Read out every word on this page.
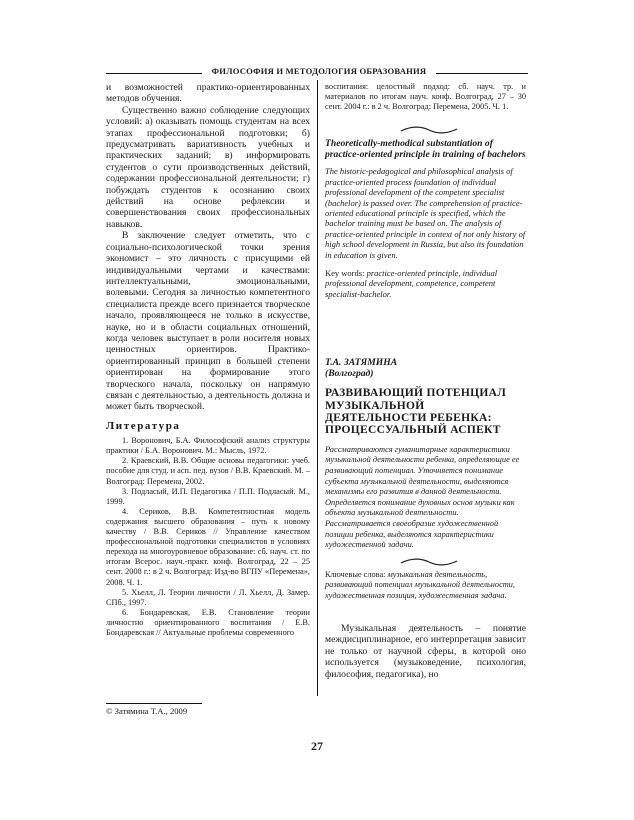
ФИЛОСОФИЯ И МЕТОДОЛОГИЯ ОБРАЗОВАНИЯ

и возможностей практико-ориентированных методов обучения.

Существенно важно соблюдение следующих условий: а) оказывать помощь студентам на всех этапах профессиональной подготовки; б) предусматривать вариативность учебных и практических заданий; в) информировать студентов о сути производственных действий, содержании профессиональной деятельности; г) побуждать студентов к осознанию своих действий на основе рефлексии и совершенствования своих профессиональных навыков.

В заключение следует отметить, что с социально-психологической точки зрения экономист – это личность с присущими ей индивидуальными чертами и качествами: интеллектуальными, эмоциональными, волевыми. Сегодня за личностью компетентного специалиста прежде всего признается творческое начало, проявляющееся не только в искусстве, науке, но и в области социальных отношений, когда человек выступает в роли носителя новых ценностных ориентиров. Практико-ориентированный принцип в большей степени ориентирован на формирование этого творческого начала, поскольку он напрямую связан с деятельностью, а деятельность должна и может быть творческой.

Литература

1. Воронович, Б.А. Философский анализ структуры практики / Б.А. Воронович. М.: Мысль, 1972.

2. Краевский, В.В. Общие основы педагогики: учеб. пособие для студ. и асп. пед. вузов / В.В. Краевский. М. – Волгоград: Перемена, 2002.

3. Подласый, И.П. Педагогика / П.П. Подласый. М., 1999.

4. Сериков, В.В. Компетентностная модель содержания высшего образования – путь к новому качеству / В.В. Сериков // Управление качеством профессиональной подготовки специалистов в условиях перехода на многоуровневое образование: сб. науч. ст. по итогам Всерос. науч.-практ. конф. Волгоград, 22 – 25 сент. 2008 г.: в 2 ч. Волгоград: Изд-во ВГПУ «Перемена», 2008. Ч. 1.

5. Хьелл, Л. Теории личности / Л. Хьелл, Д. Замер. СПб., 1997.

6. Бондаревская, Е.В. Становление теории личностно ориентированного воспитания / Е.В. Бондаревская // Актуальные проблемы современного

воспитания: целостный подход: сб. науч. тр. и материалов по итогам науч. конф. Волгоград, 27 – 30 сент. 2004 г.: в 2 ч. Волгоград: Перемена, 2005. Ч. 1.

Theoretically-methodical substantiation of practice-oriented principle in training of bachelors
The historic-pedagogical and philosophical analysis of practice-oriented process foundation of individual professional development of the competent specialist (bachelor) is passed over. The comprehension of practice-oriented educational principle is specified, which the bachelor training must be based on. The analysis of practice-oriented principle in context of not only history of high school development in Russia, but also its foundation in education is given.
Key words: practice-oriented principle, individual professional development, competence, competent specialist-bachelor.
Т.А. ЗАТЯМИНА
(Волгоград)
РАЗВИВАЮЩИЙ ПОТЕНЦИАЛ МУЗЫКАЛЬНОЙ ДЕЯТЕЛЬНОСТИ РЕБЕНКА: ПРОЦЕССУАЛЬНЫЙ АСПЕКТ
Рассматриваются гуманитарные характеристики музыкальной деятельности ребенка, определяющие ее развивающий потенциал. Уточняется понимание субъекта музыкальной деятельности, выделяются механизмы его развития в данной деятельности. Определяется понимание духовных основ музыки как объекта музыкальной деятельности. Рассматривается своеобразие художественной позиции ребенка, выделяются характеристики художественной задачи.
Ключевые слова: музыкальная деятельность, развивающий потенциал музыкальной деятельности, художественная позиция, художественная задача.

Музыкальная деятельность – понятие междисциплинарное, его интерпретация зависит не только от научной сферы, в которой оно используется (музыковедение, психология, философия, педагогика), но

© Затямина Т.А., 2009
27
